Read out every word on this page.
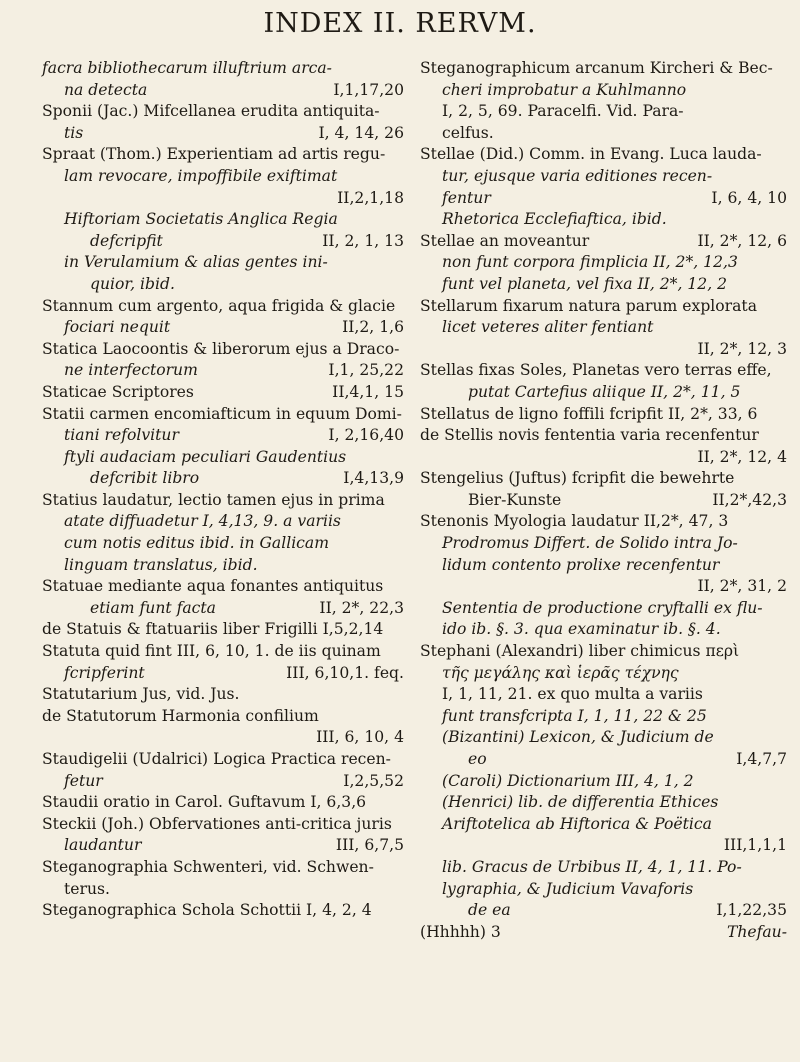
INDEX II. RERVM.
facra bibliothecarum illuftrium arca-
na detecta	I,1,17,20
Sponii (Jac.) Mifcellanea erudita antiquita-
tis	I, 4, 14, 26
Spraat (Thom.) Experientiam ad artis regu-
lam revocare, impoffibile exiftimat
II,2,1,18
Hiftoriam Societatis Anglica Regia
defcripfit	II, 2, 1, 13
in Verulamium & alias gentes ini-
quior, ibid.
Stannum cum argento, aqua frigida & glacie
fociari nequit	II,2, 1,6
Statica Laocoontis & liberorum ejus a Draco-
ne interfectorum	I,1, 25,22
Staticae Scriptores	II,4,1, 15
Statii carmen encomiafticum in equum Domi-
tiani refolvitur	I, 2,16,40
ftyli audaciam peculiari Gaudentius
defcribit libro	I,4,13,9
Statius laudatur, lectio tamen ejus in prima
atate diffuadetur I, 4,13, 9. a variis
cum notis editus ibid. in Gallicam
linguam translatus, ibid.
Statuae mediante aqua fonantes antiquitus
etiam funt facta	II, 2*, 22,3
de Statuis & ftatuariis liber Frigilli I,5,2,14
Statuta quid fint III, 6, 10, 1. de iis quinam
fcripferint	III, 6,10,1. feq.
Statutarium Jus, vid. Jus.
de Statutorum Harmonia confilium
III, 6, 10, 4
Staudigelii (Udalrici) Logica Practica recen-
fetur	I,2,5,52
Staudii oratio in Carol. Guftavum I, 6,3,6
Steckii (Joh.) Obfervationes anti-critica juris
laudantur	III, 6,7,5
Steganographia Schwenteri, vid. Schwen-
terus.
Steganographica Schola Schottii I, 4, 2, 4
Steganographicum arcanum Kircheri & Bec-
cheri improbatur a Kuhlmanno
I, 2, 5, 69. Paracelfi. Vid. Para-
celfus.
Stellae (Did.) Comm. in Evang. Luca lauda-
tur, ejusque varia editiones recen-
fentur	I, 6, 4, 10
Rhetorica Ecclefiaftica, ibid.
Stellae an moveantur	II, 2*, 12, 6
non funt corpora fimplicia II, 2*, 12,3
funt vel planeta, vel fixa II, 2*, 12, 2
Stellarum fixarum natura parum explorata
licet veteres aliter fentiant
II, 2*, 12, 3
Stellas fixas Soles, Planetas vero terras effe,
putat Cartefius aliique II, 2*, 11, 5
Stellatus de ligno foffili fcripfit II, 2*, 33, 6
de Stellis novis fententia varia recenfentur
II, 2*, 12, 4
Stengelius (Juftus) fcripfit die bewehrte
Bier-Kunste	II,2*,42,3
Stenonis Myologia laudatur II,2*, 47, 3
Prodromus Differt. de Solido intra Jo-
lidum contento prolixe recenfentur
II, 2*, 31, 2
Sententia de productione cryftalli ex flu-
ido ib. §. 3. qua examinatur ib. §. 4.
Stephani (Alexandri) liber chimicus περὶ
τῆς μεγάλης καὶ ἱερᾶς τέχνης
I, 1, 11, 21. ex quo multa a variis
funt transfcripta I, 1, 11, 22 & 25
(Bizantini) Lexicon, & Judicium de
eo	I,4,7,7
(Caroli) Dictionarium III, 4, 1, 2
(Henrici) lib. de differentia Ethices
Ariftotelica ab Hiftorica & Poëtica
III,1,1,1
lib. Gracus de Urbibus II, 4, 1, 11. Po-
lygraphia, & Judicium Vavaforis
de ea	I,1,22,35
(Hhhhh) 3	Thefau-
